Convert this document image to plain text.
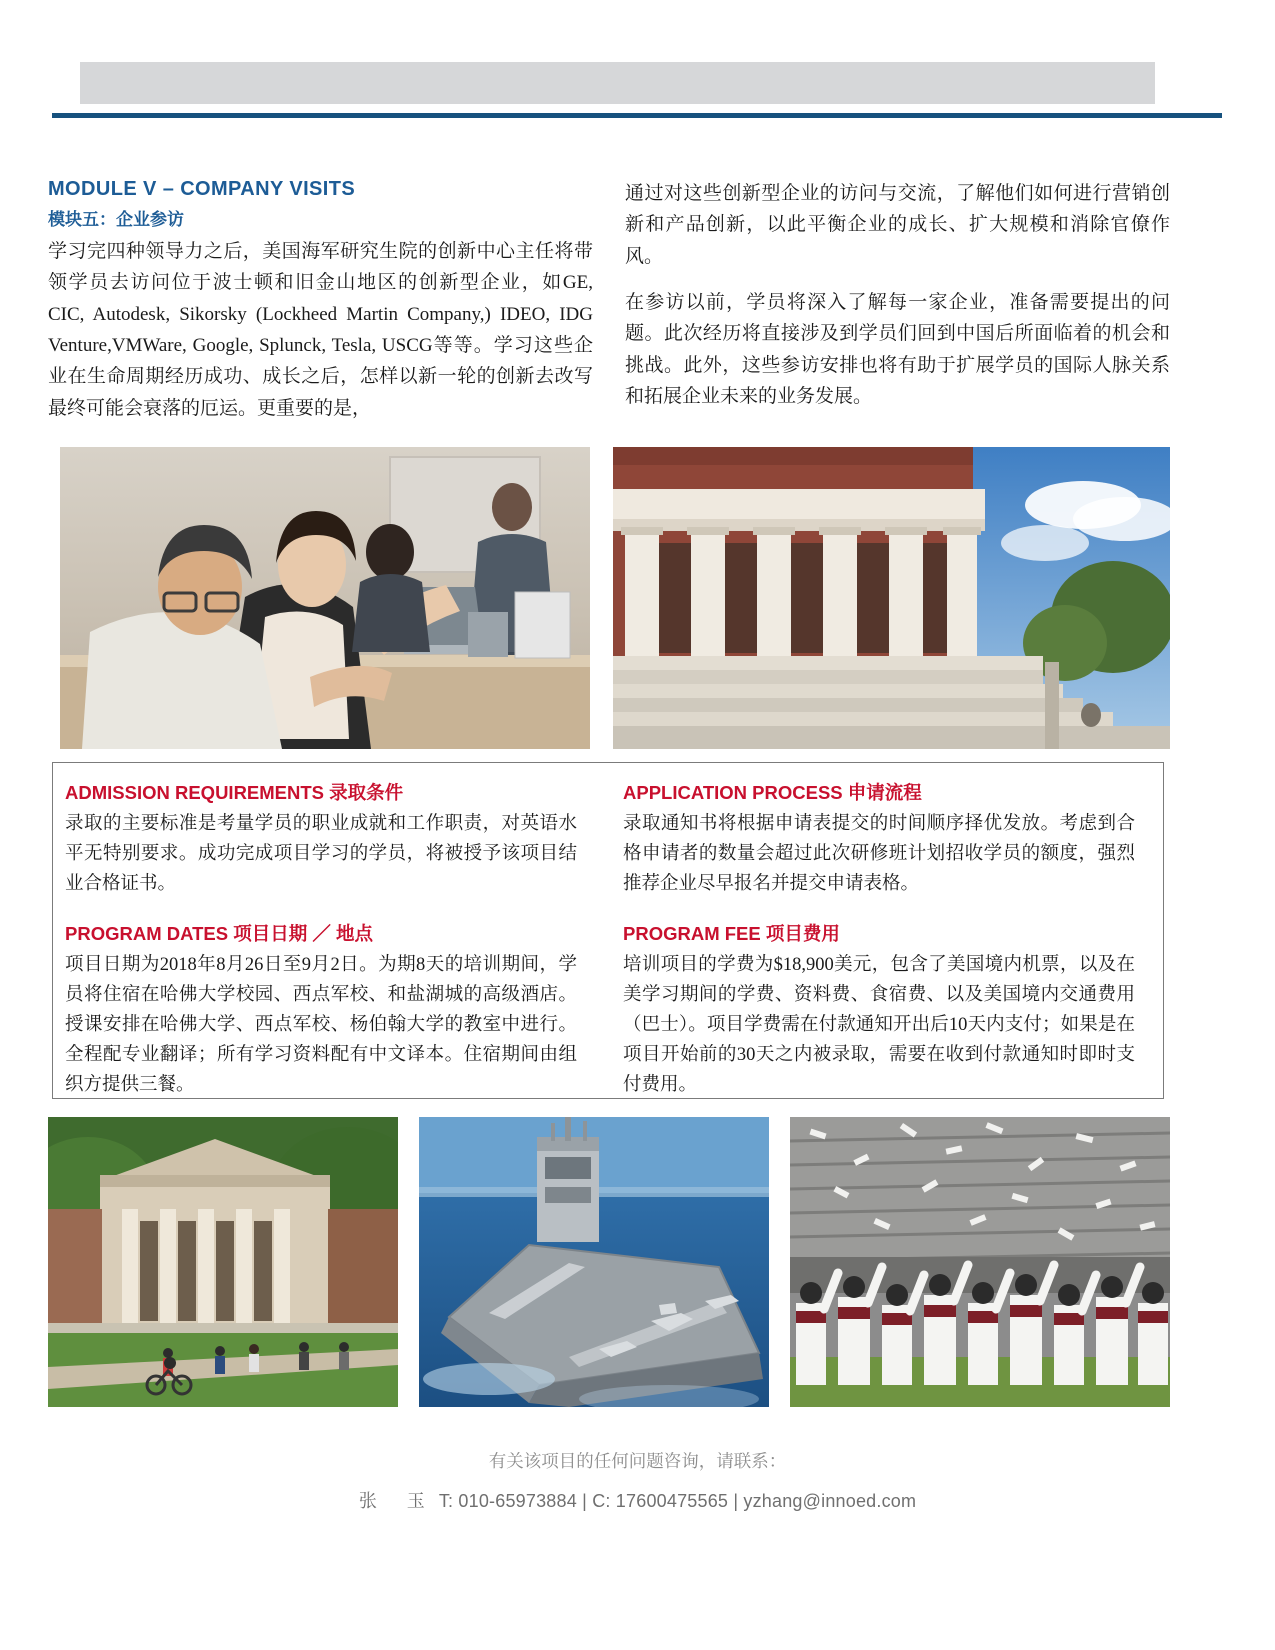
MODULE V – COMPANY VISITS
模块五：企业参访

学习完四种领导力之后，美国海军研究生院的创新中心主任将带领学员去访问位于波士顿和旧金山地区的创新型企业，如GE, CIC, Autodesk, Sikorsky (Lockheed Martin Company,) IDEO, IDG Venture,VMWare, Google, Splunck, Tesla, USCG等等。学习这些企业在生命周期经历成功、成长之后，怎样以新一轮的创新去改写最终可能会衰落的厄运。更重要的是，

通过对这些创新型企业的访问与交流，了解他们如何进行营销创新和产品创新，以此平衡企业的成长、扩大规模和消除官僚作风。

在参访以前，学员将深入了解每一家企业，准备需要提出的问题。此次经历将直接涉及到学员们回到中国后所面临着的机会和挑战。此外，这些参访安排也将有助于扩展学员的国际人脉关系和拓展企业未来的业务发展。

ADMISSION REQUIREMENTS 录取条件

录取的主要标准是考量学员的职业成就和工作职责，对英语水平无特别要求。成功完成项目学习的学员，将被授予该项目结业合格证书。

PROGRAM DATES 项目日期 ／ 地点

项目日期为2018年8月26日至9月2日。为期8天的培训期间，学员将住宿在哈佛大学校园、西点军校、和盐湖城的高级酒店。授课安排在哈佛大学、西点军校、杨伯翰大学的教室中进行。全程配专业翻译；所有学习资料配有中文译本。住宿期间由组织方提供三餐。

APPLICATION PROCESS 申请流程

录取通知书将根据申请表提交的时间顺序择优发放。考虑到合格申请者的数量会超过此次研修班计划招收学员的额度，强烈推荐企业尽早报名并提交申请表格。

PROGRAM FEE 项目费用

培训项目的学费为$18,900美元，包含了美国境内机票，以及在美学习期间的学费、资料费、食宿费、以及美国境内交通费用（巴士）。项目学费需在付款通知开出后10天内支付；如果是在项目开始前的30天之内被录取，需要在收到付款通知时即时支付费用。

有关该项目的任何问题咨询，请联系：
张　玉 T: 010-65973884 | C: 17600475565 | yzhang@innoed.com
